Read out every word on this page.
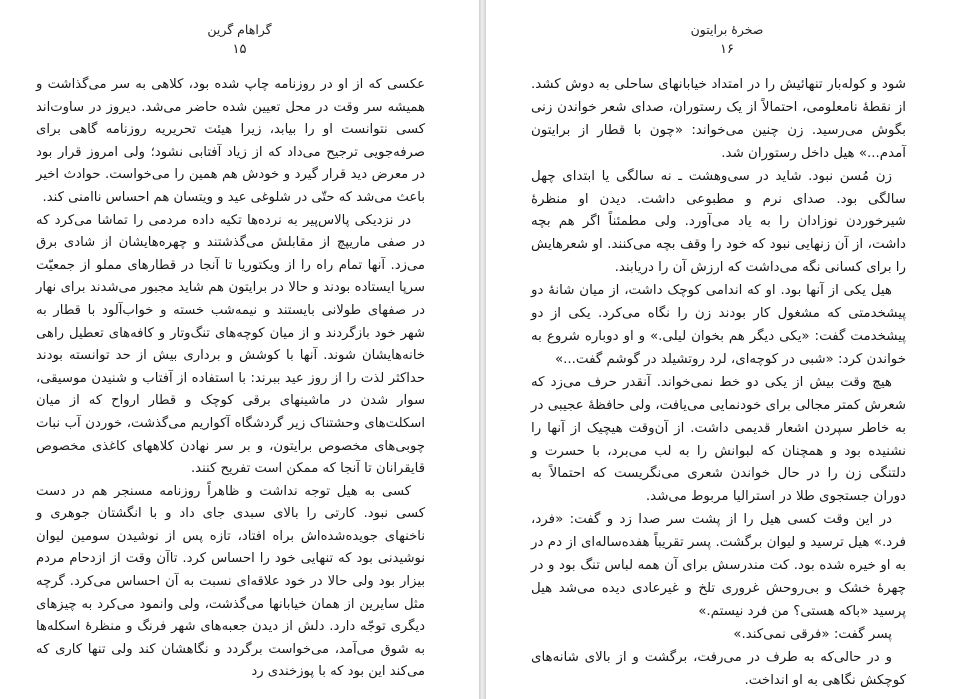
گراهام گرین
۱۵

عکسی که از او در روزنامه چاپ شده بود، کلاهی به سر می‌گذاشت و همیشه سر وقت در محل تعیین شده حاضر می‌شد. دیروز در ساوت‌اند کسی نتوانست او را بیابد، زیرا هیئت تحریریه روزنامه گاهی برای صرفه‌جویی ترجیح می‌داد که از زیاد آفتابی نشود؛ ولی امروز قرار بود در معرض دید قرار گیرد و خودش هم همین را می‌خواست. حوادث اخیر باعث می‌شد که حتّی در شلوغی عید و ویتسان هم احساس ناامنی کند.

در نزدیکی پالاس‌پیر به نرده‌ها تکیه داده مردمی را تماشا می‌کرد که در صفی ماریپچ از مقابلش می‌گذشتند و چهره‌هایشان از شادی برق می‌زد. آنها تمام راه را از ویکتوریا تا آنجا در قطارهای مملو از جمعیّت سرپا ایستاده بودند و حالا در برایتون هم شاید مجبور می‌شدند برای نهار در صفهای طولانی بایستند و نیمه‌شب خسته و خواب‌آلود با قطار به شهر خود بازگردند و از میان کوچه‌های تنگ‌وتار و کافه‌های تعطیل راهی خانه‌هایشان شوند. آنها با کوشش و برداری بیش از حد توانسته بودند حداکثر لذت را از روز عید ببرند: با استفاده از آفتاب و شنیدن موسیقی، سوار شدن در ماشینهای برقی کوچک و قطار ارواح که از میان اسکلت‌های وحشتناک زیر گردشگاه آکواریم می‌گذشت، خوردن آب نبات چوبی‌های مخصوص برایتون، و بر سر نهادن کلاههای کاغذی مخصوص قایقرانان تا آنجا که ممکن است تفریح کنند.

کسی به هیل توجه نداشت و ظاهراً روزنامه مسنجر هم در دست کسی نبود. کارتی را بالای سبدی جای داد و با انگشتان جوهری و ناخنهای جویده‌شده‌اش براه افتاد، تازه پس از نوشیدن سومین لیوان نوشیدنی بود که تنهایی خود را احساس کرد. تاآن وقت از ازدحام مردم بیزار بود ولی حالا در خود علاقه‌ای نسبت به آن احساس می‌کرد. گرچه مثل سایرین از همان خیابانها می‌گذشت، ولی وانمود می‌کرد به چیزهای دیگری توجّه دارد. دلش از دیدن جعبه‌های شهر فرنگ و منظرهٔ اسکله‌ها به شوق می‌آمد، می‌خواست برگردد و نگاهشان کند ولی تنها کاری که می‌کند این بود که با پوزخندی رد

صخرهٔ برایتون
۱۶

شود و کوله‌بار تنهائیش را در امتداد خیابانهای ساحلی به دوش کشد. از نقطهٔ نامعلومی، احتمالاً از یک رستوران، صدای شعر خواندن زنی بگوش می‌رسید. زن چنین می‌خواند: «چون با قطار از برایتون آمدم...» هیل داخل رستوران شد.

زن مُسن نبود. شاید در سی‌وهشت ـ نه سالگی یا ابتدای چهل سالگی بود. صدای نرم و مطبوعی داشت. دیدن او منظرهٔ شیرخوردن نوزادان را به یاد می‌آورد. ولی مطمئناً اگر هم بچه داشت، از آن زنهایی نبود که خود را وقف بچه می‌کنند. او شعرهایش را برای کسانی نگه می‌داشت که ارزش آن را دریابند.

هیل یکی از آنها بود. او که اندامی کوچک داشت، از میان شانهٔ دو پیشخدمتی که مشغول کار بودند زن را نگاه می‌کرد. یکی از دو پیشخدمت گفت: «یکی دیگر هم بخوان لیلی.» و او دوباره شروع به خواندن کرد: «شبی در کوچه‌ای، لرد روتشیلد در گوشم گفت...»

هیچ وقت بیش از یکی دو خط نمی‌خواند. آنقدر حرف می‌زد که شعرش کمتر مجالی برای خودنمایی می‌یافت، ولی حافظهٔ عجیبی در به خاطر سپردن اشعار قدیمی داشت. از آن‌وقت هیچیک از آنها را نشنیده بود و همچنان که لبوانش را به لب می‌برد، با حسرت و دلتنگی زن را در حال خواندن شعری می‌نگریست که احتمالاً به دوران جستجوی طلا در استرالیا مربوط می‌شد.

در این وقت کسی هیل را از پشت سر صدا زد و گفت: «فرد، فرد.» هیل ترسید و لیوان برگشت. پسر تقریباً هفده‌ساله‌ای از دم در به او خیره شده بود. کت مندرسش برای آن همه لباس تنگ بود و در چهرهٔ خشک و بی‌روحش غروری تلخ و غیرعادی دیده می‌شد هیل پرسید «باکه هستی؟ من فرد نیستم.»

پسر گفت: «فرقی نمی‌کند.»

و در حالی‌که به طرف در می‌رفت، برگشت و از بالای شانه‌های کوچکش نگاهی به او انداخت.
